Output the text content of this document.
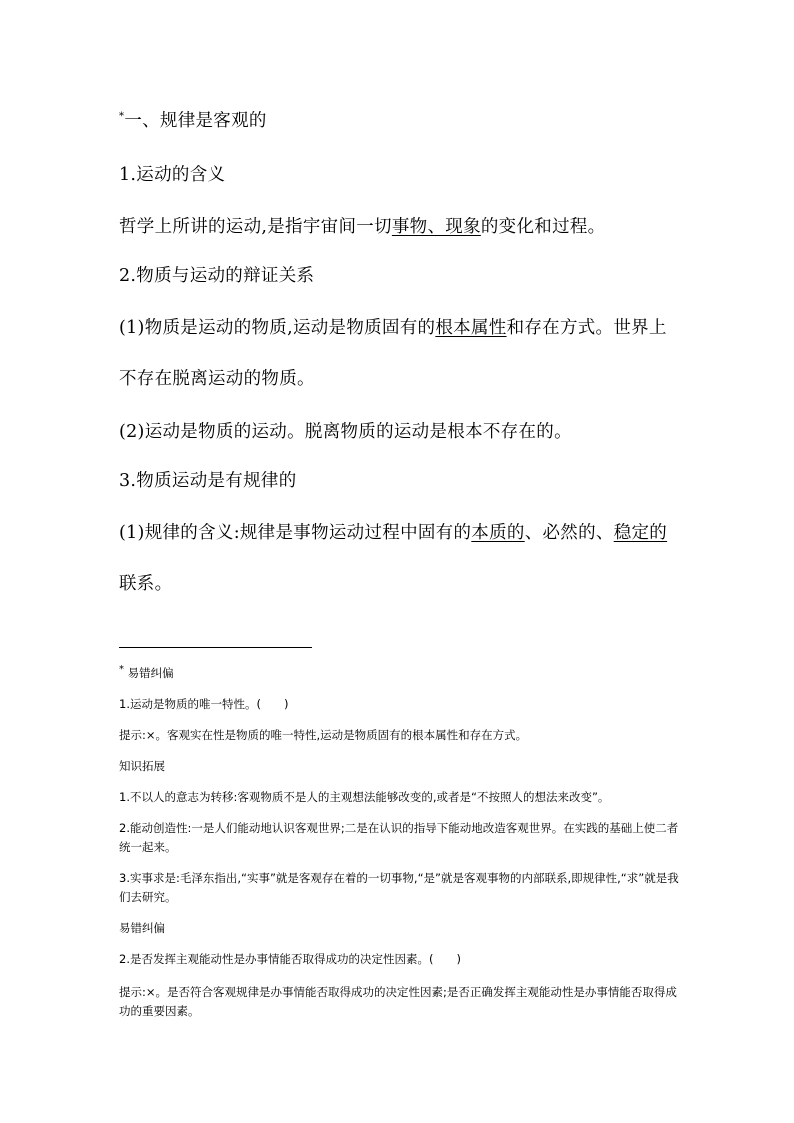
*一、规律是客观的

1.运动的含义

哲学上所讲的运动,是指宇宙间一切事物、现象的变化和过程。

2.物质与运动的辩证关系

(1)物质是运动的物质,运动是物质固有的根本属性和存在方式。世界上不存在脱离运动的物质。

(2)运动是物质的运动。脱离物质的运动是根本不存在的。

3.物质运动是有规律的

(1)规律的含义:规律是事物运动过程中固有的本质的、必然的、稳定的联系。

* 易错纠偏

1.运动是物质的唯一特性。(　　)

提示:×。客观实在性是物质的唯一特性,运动是物质固有的根本属性和存在方式。

知识拓展

1.不以人的意志为转移:客观物质不是人的主观想法能够改变的,或者是“不按照人的想法来改变”。

2.能动创造性:一是人们能动地认识客观世界;二是在认识的指导下能动地改造客观世界。在实践的基础上使二者统一起来。

3.实事求是:毛泽东指出,“实事”就是客观存在着的一切事物,“是”就是客观事物的内部联系,即规律性,“求”就是我们去研究。

易错纠偏

2.是否发挥主观能动性是办事情能否取得成功的决定性因素。(　　)

提示:×。是否符合客观规律是办事情能否取得成功的决定性因素;是否正确发挥主观能动性是办事情能否取得成功的重要因素。
